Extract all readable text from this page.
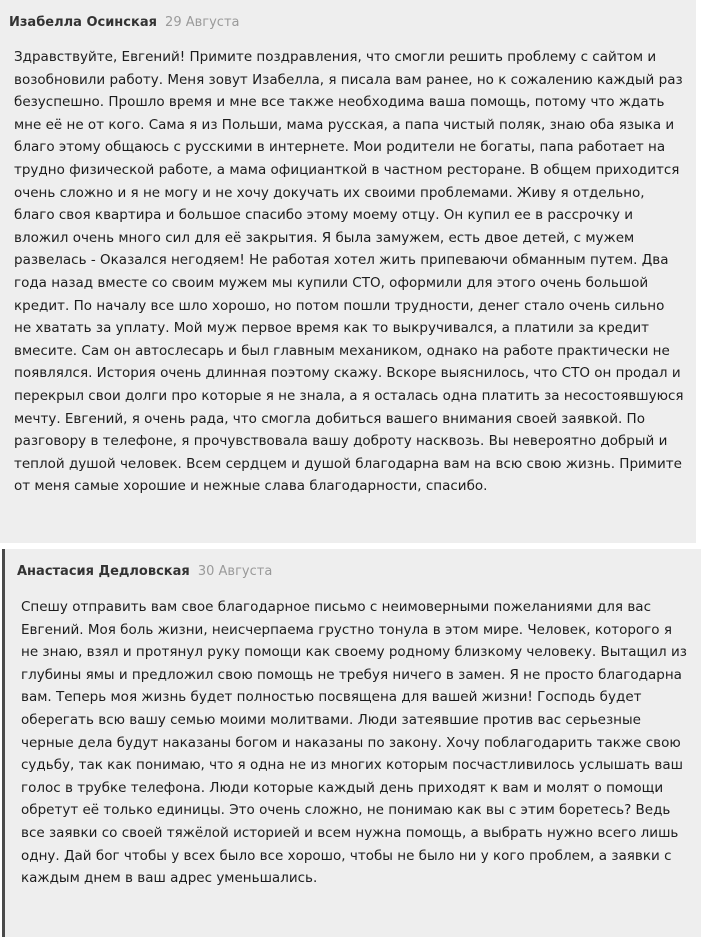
Изабелла Осинская 29 Августа

Здравствуйте, Евгений! Примите поздравления, что смогли решить проблему с сайтом и возобновили работу. Меня зовут Изабелла, я писала вам ранее, но к сожалению каждый раз безуспешно. Прошло время и мне все также необходима ваша помощь, потому что ждать мне её не от кого. Сама я из Польши, мама русская, а папа чистый поляк, знаю оба языка и благо этому общаюсь с русскими в интернете. Мои родители не богаты, папа работает на трудно физической работе, а мама официанткой в частном ресторане. В общем приходится очень сложно и я не могу и не хочу докучать их своими проблемами. Живу я отдельно, благо своя квартира и большое спасибо этому моему отцу. Он купил ее в рассрочку и вложил очень много сил для её закрытия. Я была замужем, есть двое детей, с мужем развелась - Оказался негодяем! Не работая хотел жить припеваючи обманным путем. Два года назад вместе со своим мужем мы купили СТО, оформили для этого очень большой кредит. По началу все шло хорошо, но потом пошли трудности, денег стало очень сильно не хватать за уплату. Мой муж первое время как то выкручивался, а платили за кредит вмесите. Сам он автослесарь и был главным механиком, однако на работе практически не появлялся. История очень длинная поэтому скажу. Вскоре выяснилось, что СТО он продал и перекрыл свои долги про которые я не знала, а я осталась одна платить за несостоявшуюся мечту. Евгений, я очень рада, что смогла добиться вашего внимания своей заявкой. По разговору в телефоне, я прочувствовала вашу доброту насквозь. Вы невероятно добрый и теплой душой человек. Всем сердцем и душой благодарна вам на всю свою жизнь. Примите от меня самые хорошие и нежные слава благодарности, спасибо.

Анастасия Дедловская 30 Августа

Спешу отправить вам свое благодарное письмо с неимоверными пожеланиями для вас Евгений. Моя боль жизни, неисчерпаема грустно тонула в этом мире. Человек, которого я не знаю, взял и протянул руку помощи как своему родному близкому человеку. Вытащил из глубины ямы и предложил свою помощь не требуя ничего в замен. Я не просто благодарна вам. Теперь моя жизнь будет полностью посвящена для вашей жизни! Господь будет оберегать всю вашу семью моими молитвами. Люди затеявшие против вас серьезные черные дела будут наказаны богом и наказаны по закону. Хочу поблагодарить также свою судьбу, так как понимаю, что я одна не из многих которым посчастливилось услышать ваш голос в трубке телефона. Люди которые каждый день приходят к вам и молят о помощи обретут её только единицы. Это очень сложно, не понимаю как вы с этим боретесь? Ведь все заявки со своей тяжёлой историей и всем нужна помощь, а выбрать нужно всего лишь одну. Дай бог чтобы у всех было все хорошо, чтобы не было ни у кого проблем, а заявки с каждым днем в ваш адрес уменьшались.
